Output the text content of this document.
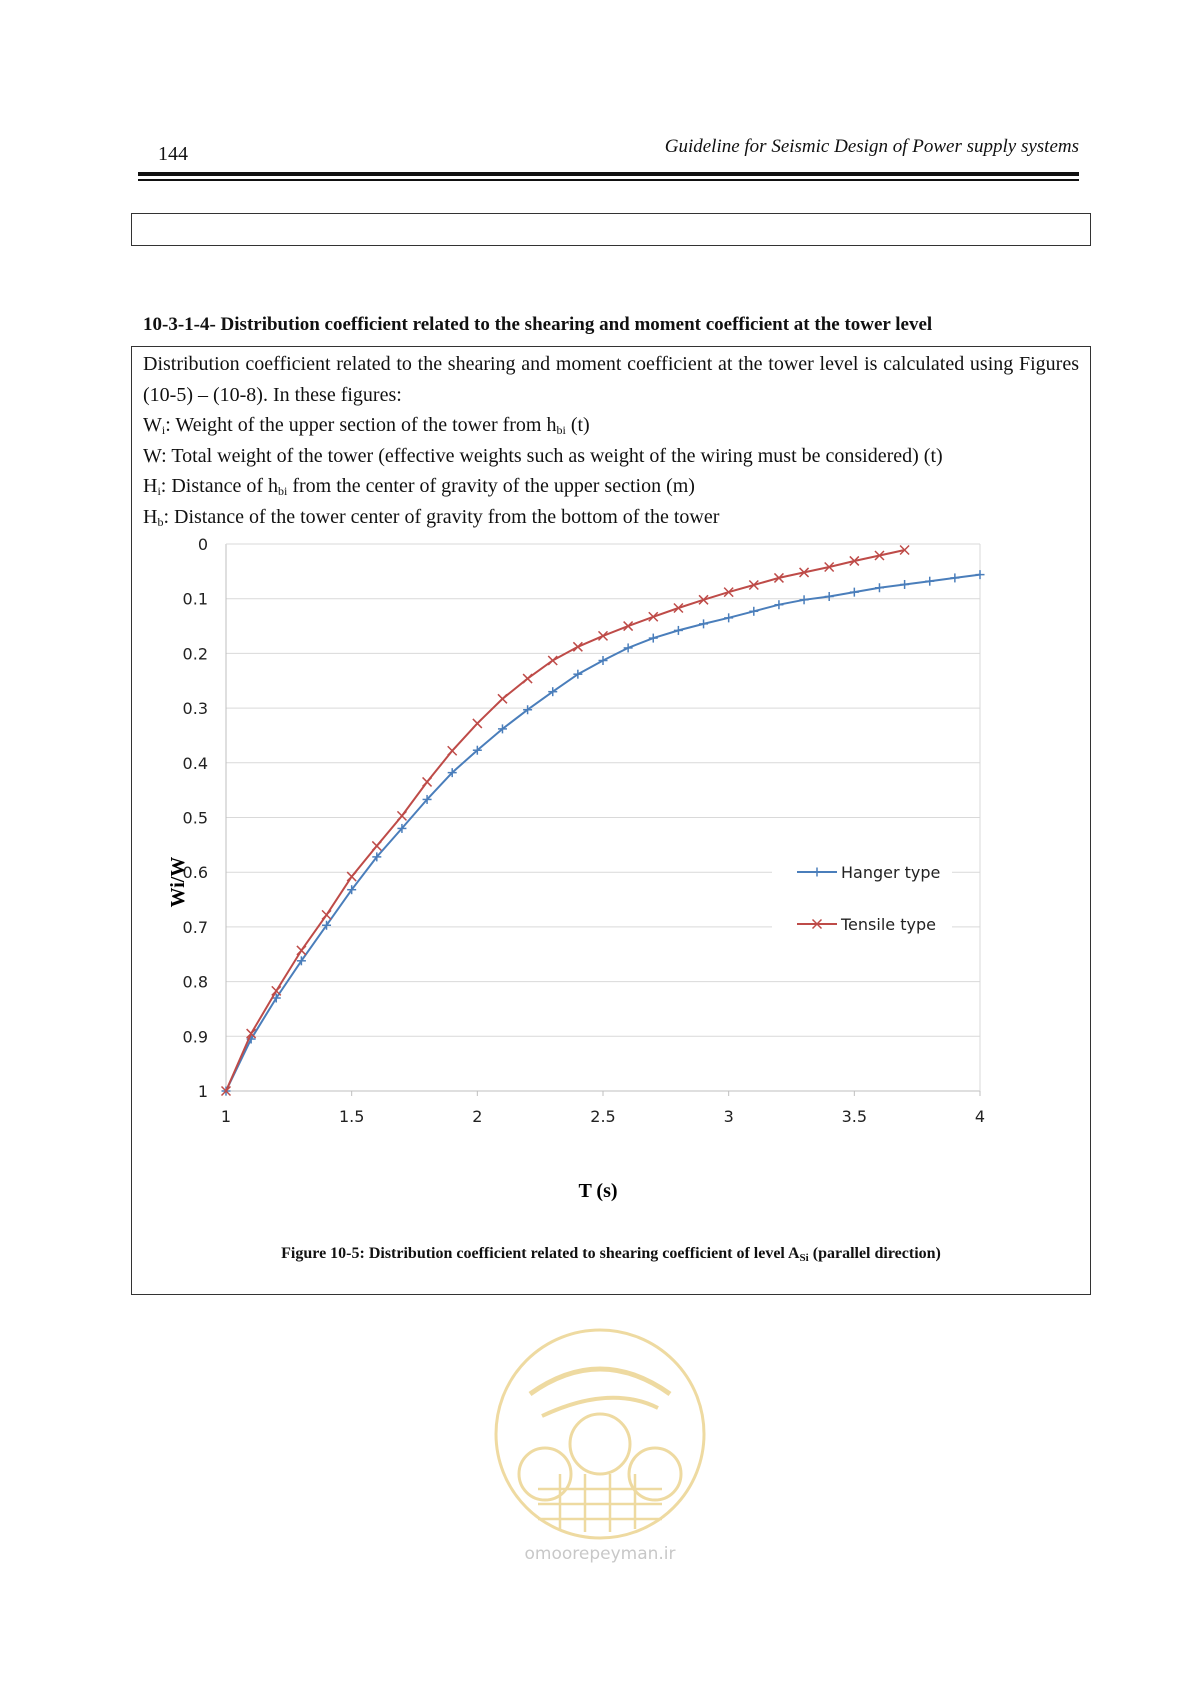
144	Guideline for Seismic Design of Power supply systems
10-3-1-4- Distribution coefficient related to the shearing and moment coefficient at the tower level

Distribution coefficient related to the shearing and moment coefficient at the tower level is calculated using Figures (10-5) – (10-8). In these figures:

$W_i$: Weight of the upper section of the tower from $h_{bi}$ (t)

W: Total weight of the tower (effective weights such as weight of the wiring must be considered) (t)

$H_i$: Distance of $h_{bi}$ from the center of gravity of the upper section (m)

$H_b$: Distance of the tower center of gravity from the bottom of the tower

0
0.1
0.2
0.3
0.4
0.5
0.6
0.7
0.8
0.9
1
1	1.5	2	2.5	3	3.5	4
Hanger type
Tensile type
Wi/W
T (s)
Figure 10-5: Distribution coefficient related to shearing coefficient of level $A_{Si}$ (parallel direction)
omoorepeyman.ir
